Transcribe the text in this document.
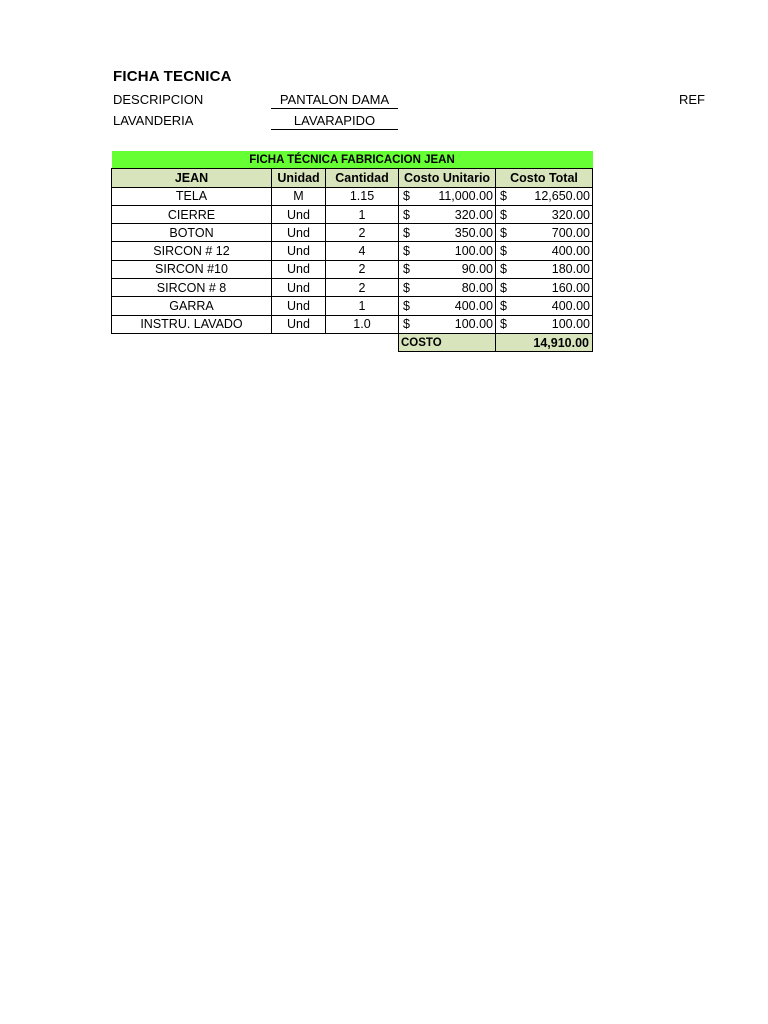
FICHA TECNICA
DESCRIPCION	PANTALON DAMA
LAVANDERIA	LAVARAPIDO
REF
FICHA TÉCNICA FABRICACION JEAN				
JEAN	Unidad	Cantidad	Costo Unitario	Costo Total
TELA	M	1.15	$ 11,000.00	$ 12,650.00

CIERRE	Und	1	$ 320.00	$ 320.00

BOTON	Und	2	$ 350.00	$ 700.00

SIRCON # 12	Und	4	$ 100.00	$ 400.00

SIRCON #10	Und	2	$ 90.00	$ 180.00

SIRCON # 8	Und	2	$ 80.00	$ 160.00

GARRA	Und	1	$ 400.00	$ 400.00

INSTRU. LAVADO	Und	1.0	$ 100.00	$ 100.00

			COSTO	14,910.00
